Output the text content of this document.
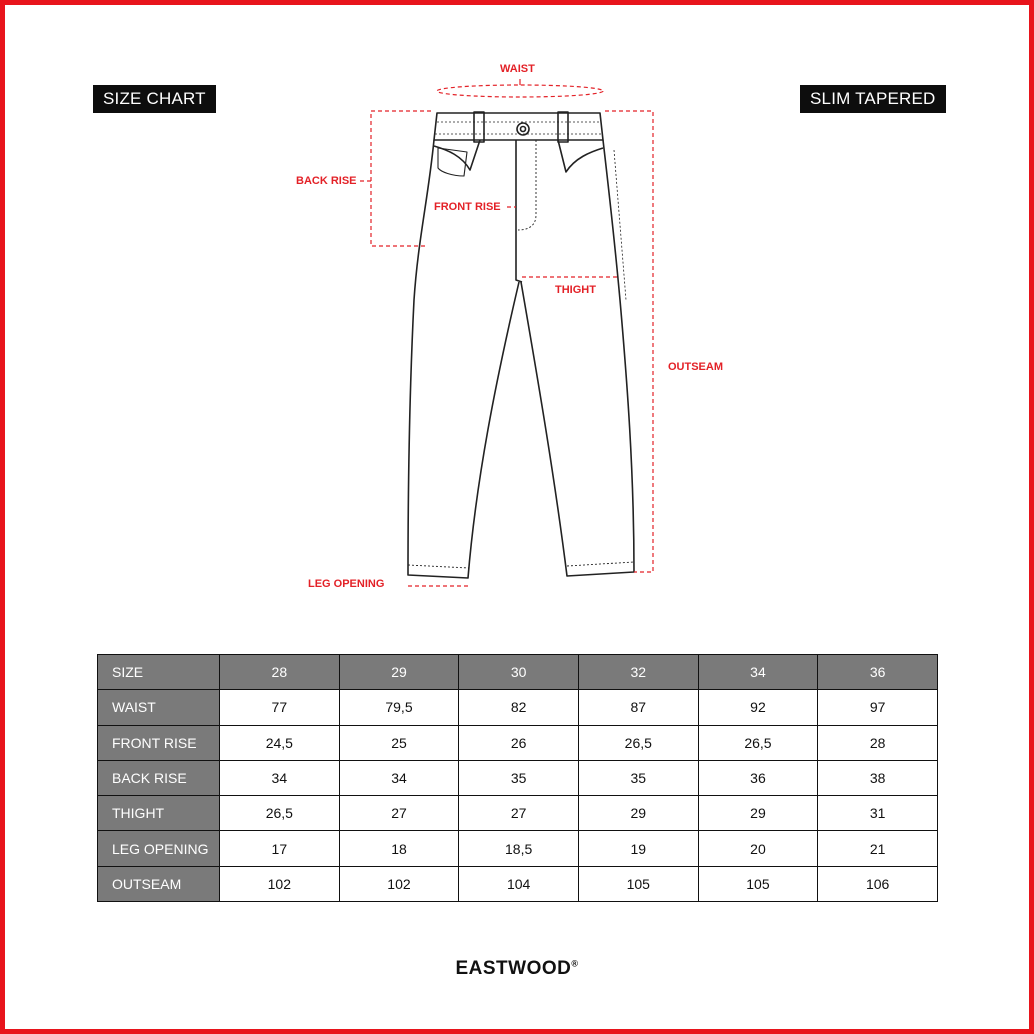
SIZE CHART	SLIM TAPERED
WAIST
BACK RISE
FRONT RISE
THIGHT
OUTSEAM
LEG OPENING
SIZE	28	29	30	32	34	36
WAIST	77	79,5	82	87	92	97
FRONT RISE	24,5	25	26	26,5	26,5	28
BACK RISE	34	34	35	35	36	38
THIGHT	26,5	27	27	29	29	31
LEG OPENING	17	18	18,5	19	20	21
OUTSEAM	102	102	104	105	105	106
EASTWOOD®
